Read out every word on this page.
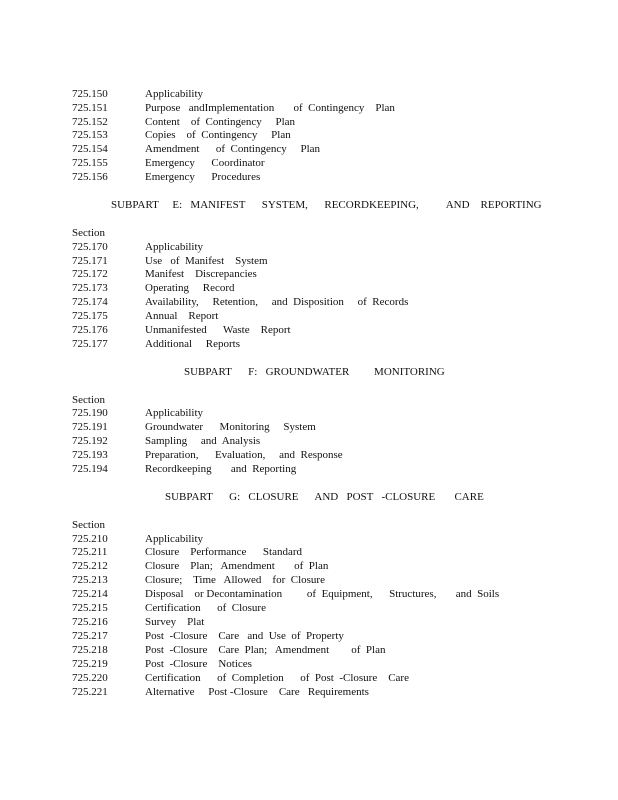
725.150	Applicability
725.151	Purpose   andImplementation       of  Contingency    Plan
725.152	Content    of  Contingency     Plan
725.153	Copies    of  Contingency     Plan
725.154	Amendment      of  Contingency     Plan
725.155	Emergency      Coordinator
725.156	Emergency      Procedures
SUBPART     E:   MANIFEST      SYSTEM,      RECORDKEEPING,          AND    REPORTING
Section
725.170	Applicability
725.171	Use   of  Manifest    System
725.172	Manifest    Discrepancies
725.173	Operating     Record
725.174	Availability,     Retention,     and  Disposition     of  Records
725.175	Annual    Report
725.176	Unmanifested      Waste    Report
725.177	Additional     Reports
SUBPART      F:   GROUNDWATER         MONITORING
Section
725.190	Applicability
725.191	Groundwater      Monitoring     System
725.192	Sampling     and  Analysis
725.193	Preparation,      Evaluation,     and  Response
725.194	Recordkeeping       and  Reporting
SUBPART      G:   CLOSURE      AND   POST   -CLOSURE       CARE
Section
725.210	Applicability
725.211	Closure    Performance      Standard
725.212	Closure    Plan;   Amendment       of  Plan
725.213	Closure;    Time   Allowed    for  Closure
725.214	Disposal    or Decontamination         of  Equipment,      Structures,       and  Soils
725.215	Certification      of  Closure
725.216	Survey    Plat
725.217	Post  -Closure    Care   and  Use  of  Property
725.218	Post  -Closure    Care  Plan;   Amendment        of  Plan
725.219	Post  -Closure    Notices
725.220	Certification      of  Completion      of  Post  -Closure    Care
725.221	Alternative     Post -Closure    Care   Requirements
